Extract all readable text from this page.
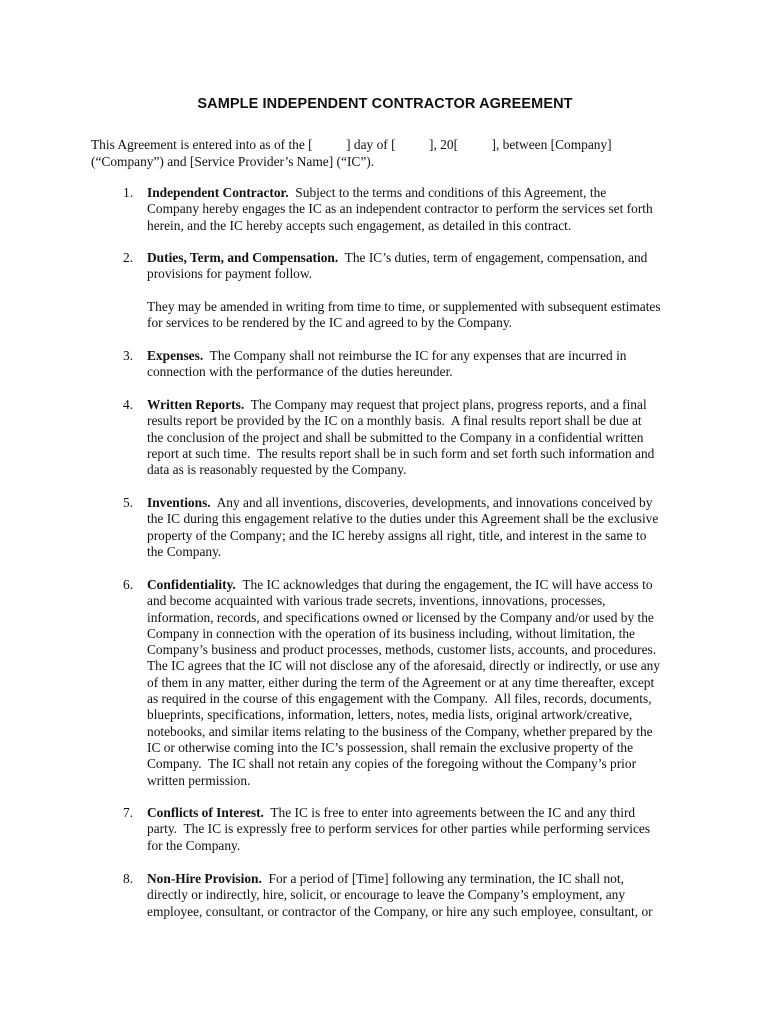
SAMPLE INDEPENDENT CONTRACTOR AGREEMENT
This Agreement is entered into as of the [          ] day of [          ], 20[          ], between [Company]
(“Company”) and [Service Provider’s Name] (“IC”).
1. Independent Contractor.  Subject to the terms and conditions of this Agreement, the
Company hereby engages the IC as an independent contractor to perform the services set forth
herein, and the IC hereby accepts such engagement, as detailed in this contract.
2. Duties, Term, and Compensation.  The IC’s duties, term of engagement, compensation, and
provisions for payment follow.
They may be amended in writing from time to time, or supplemented with subsequent estimates
for services to be rendered by the IC and agreed to by the Company.
3. Expenses.  The Company shall not reimburse the IC for any expenses that are incurred in
connection with the performance of the duties hereunder.
4. Written Reports.  The Company may request that project plans, progress reports, and a final
results report be provided by the IC on a monthly basis.  A final results report shall be due at
the conclusion of the project and shall be submitted to the Company in a confidential written
report at such time.  The results report shall be in such form and set forth such information and
data as is reasonably requested by the Company.
5. Inventions.  Any and all inventions, discoveries, developments, and innovations conceived by
the IC during this engagement relative to the duties under this Agreement shall be the exclusive
property of the Company; and the IC hereby assigns all right, title, and interest in the same to
the Company.
6. Confidentiality.  The IC acknowledges that during the engagement, the IC will have access to
and become acquainted with various trade secrets, inventions, innovations, processes,
information, records, and specifications owned or licensed by the Company and/or used by the
Company in connection with the operation of its business including, without limitation, the
Company’s business and product processes, methods, customer lists, accounts, and procedures.
The IC agrees that the IC will not disclose any of the aforesaid, directly or indirectly, or use any
of them in any matter, either during the term of the Agreement or at any time thereafter, except
as required in the course of this engagement with the Company.  All files, records, documents,
blueprints, specifications, information, letters, notes, media lists, original artwork/creative,
notebooks, and similar items relating to the business of the Company, whether prepared by the
IC or otherwise coming into the IC’s possession, shall remain the exclusive property of the
Company.  The IC shall not retain any copies of the foregoing without the Company’s prior
written permission.
7. Conflicts of Interest.  The IC is free to enter into agreements between the IC and any third
party.  The IC is expressly free to perform services for other parties while performing services
for the Company.
8. Non-Hire Provision.  For a period of [Time] following any termination, the IC shall not,
directly or indirectly, hire, solicit, or encourage to leave the Company’s employment, any
employee, consultant, or contractor of the Company, or hire any such employee, consultant, or
